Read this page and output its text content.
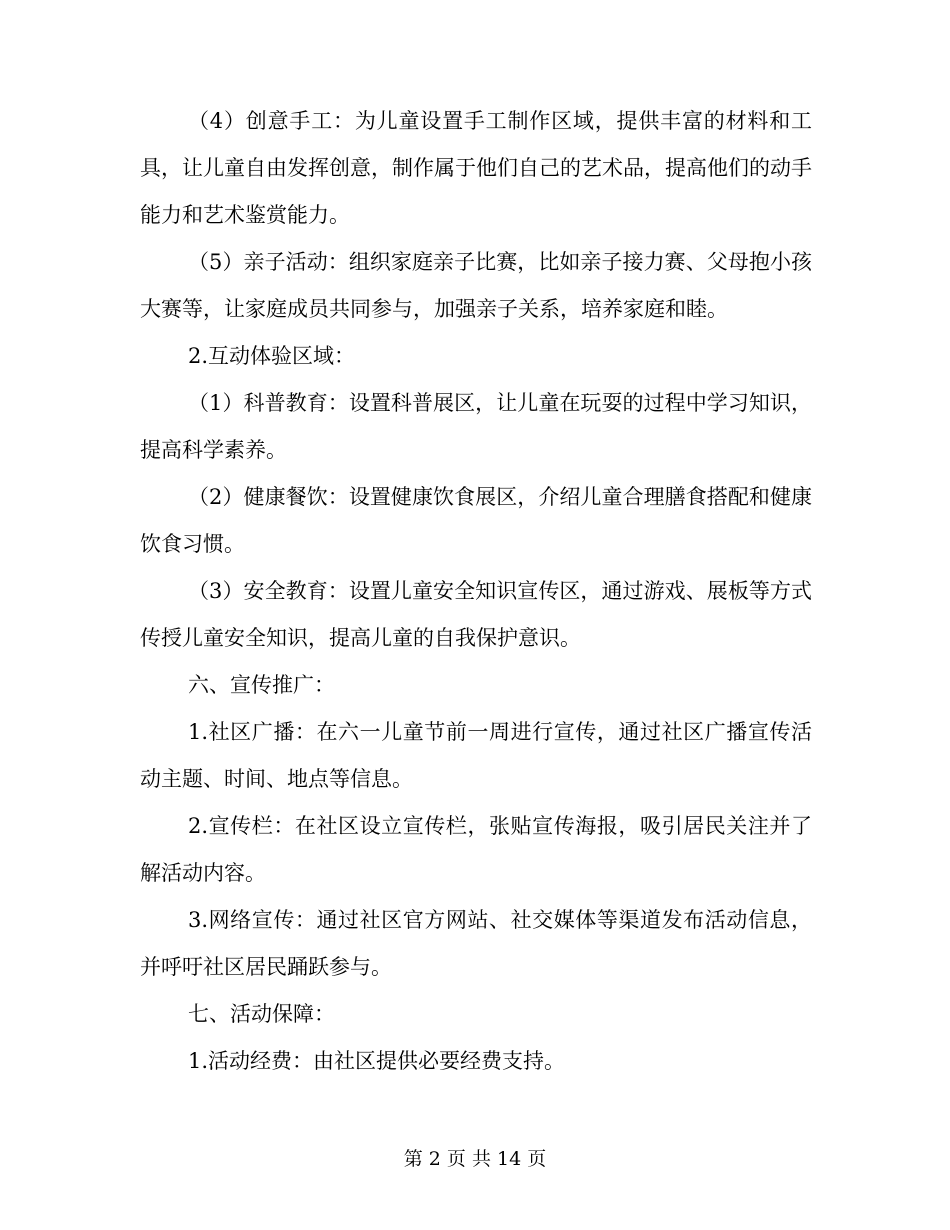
（4）创意手工：为儿童设置手工制作区域，提供丰富的材料和工具，让儿童自由发挥创意，制作属于他们自己的艺术品，提高他们的动手能力和艺术鉴赏能力。

（5）亲子活动：组织家庭亲子比赛，比如亲子接力赛、父母抱小孩大赛等，让家庭成员共同参与，加强亲子关系，培养家庭和睦。

2.互动体验区域：

（1）科普教育：设置科普展区，让儿童在玩耍的过程中学习知识，提高科学素养。

（2）健康餐饮：设置健康饮食展区，介绍儿童合理膳食搭配和健康饮食习惯。

（3）安全教育：设置儿童安全知识宣传区，通过游戏、展板等方式传授儿童安全知识，提高儿童的自我保护意识。

六、宣传推广：

1.社区广播：在六一儿童节前一周进行宣传，通过社区广播宣传活动主题、时间、地点等信息。

2.宣传栏：在社区设立宣传栏，张贴宣传海报，吸引居民关注并了解活动内容。

3.网络宣传：通过社区官方网站、社交媒体等渠道发布活动信息，并呼吁社区居民踊跃参与。

七、活动保障：

1.活动经费：由社区提供必要经费支持。

第 2 页 共 14 页
